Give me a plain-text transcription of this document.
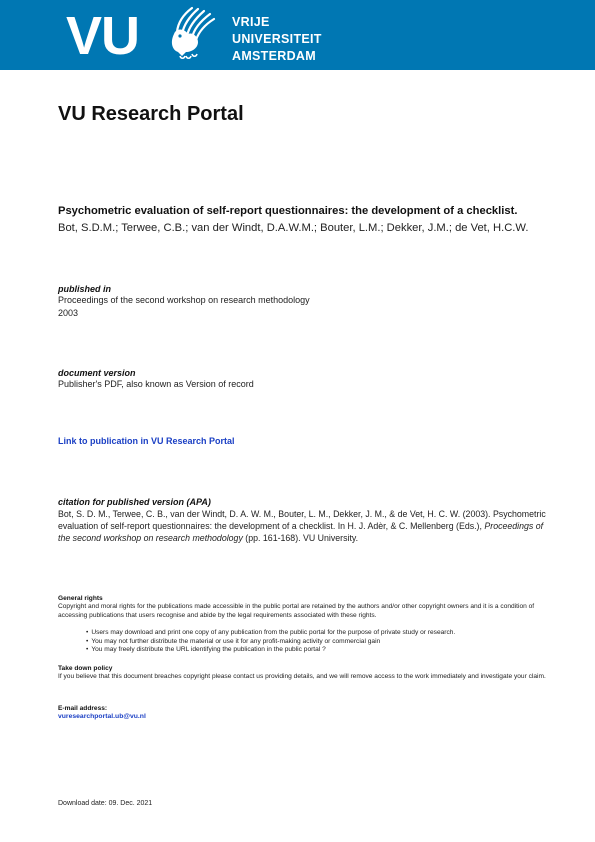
VU	VRIJE
UNIVERSITEIT
AMSTERDAM
VU Research Portal
Psychometric evaluation of self-report questionnaires: the development of a checklist.
Bot, S.D.M.; Terwee, C.B.; van der Windt, D.A.W.M.; Bouter, L.M.; Dekker, J.M.; de Vet, H.C.W.
published in
Proceedings of the second workshop on research methodology
2003
document version
Publisher's PDF, also known as Version of record
Link to publication in VU Research Portal
citation for published version (APA)
Bot, S. D. M., Terwee, C. B., van der Windt, D. A. W. M., Bouter, L. M., Dekker, J. M., & de Vet, H. C. W. (2003). Psychometric evaluation of self-report questionnaires: the development of a checklist. In H. J. Adèr, & C. Mellenberg (Eds.), Proceedings of the second workshop on research methodology (pp. 161-168). VU University.
General rights
Copyright and moral rights for the publications made accessible in the public portal are retained by the authors and/or other copyright owners and it is a condition of accessing publications that users recognise and abide by the legal requirements associated with these rights.
• Users may download and print one copy of any publication from the public portal for the purpose of private study or research.
• You may not further distribute the material or use it for any profit-making activity or commercial gain
• You may freely distribute the URL identifying the publication in the public portal ?
Take down policy
If you believe that this document breaches copyright please contact us providing details, and we will remove access to the work immediately and investigate your claim.
E-mail address:
vuresearchportal.ub@vu.nl
Download date: 09. Dec. 2021
